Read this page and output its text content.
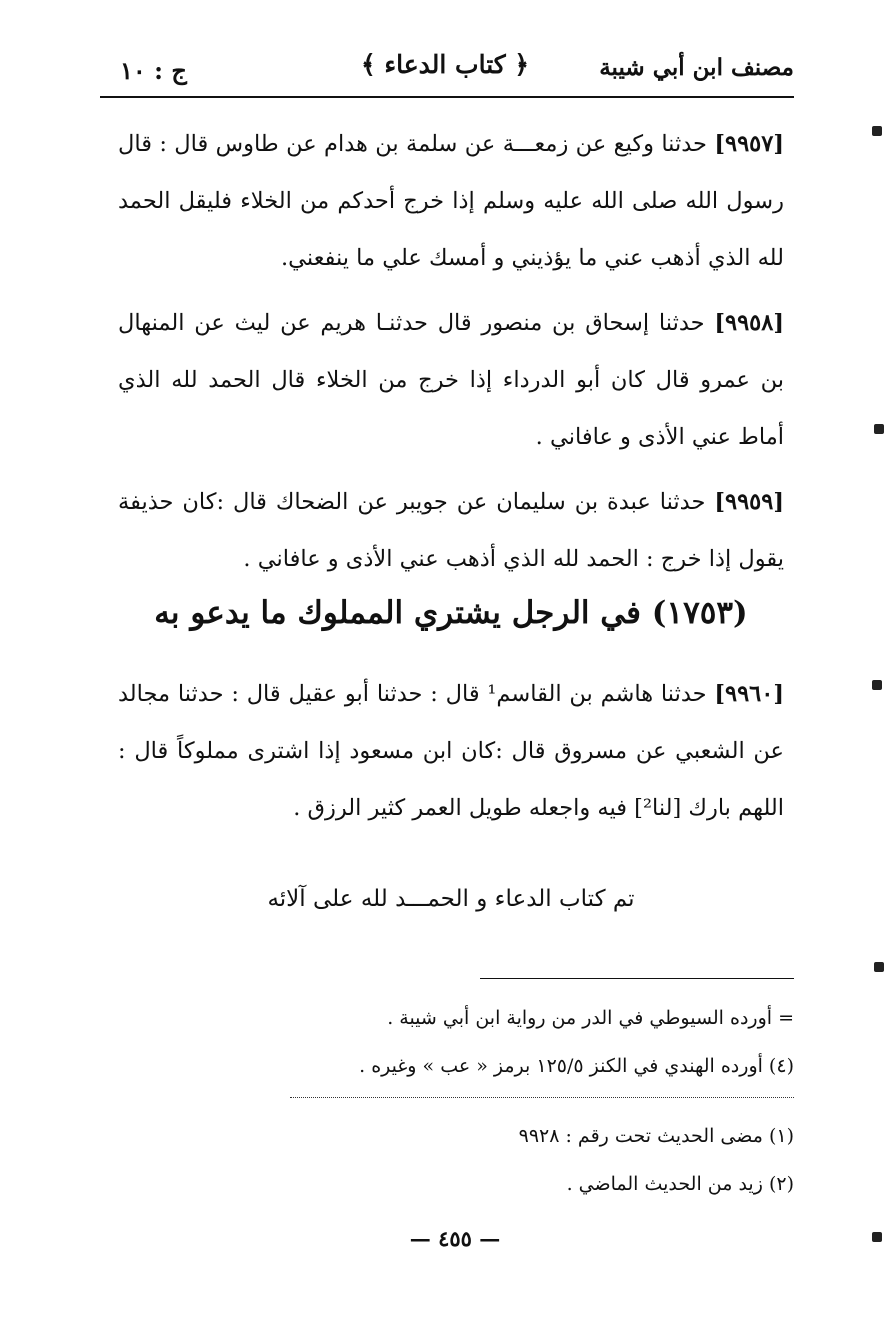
مصنف ابن أبي شيبة
﴿ كتاب الدعاء ﴾
ج : ١٠

[٩٩٥٧] حدثنا وكيع عن زمعـــة عن سلمة بن هدام عن طاوس قال : قال رسول الله صلى الله عليه وسلم إذا خرج أحدكم من الخلاء فليقل الحمد لله الذي أذهب عني ما يؤذيني و أمسك علي ما ينفعني.

[٩٩٥٨] حدثنا إسحاق بن منصور قال حدثنـا هريم عن ليث عن المنهال بن عمرو قال كان أبو الدرداء إذا خرج من الخلاء قال الحمد لله الذي أماط عني الأذى و عافاني .

[٩٩٥٩] حدثنا عبدة بن سليمان عن جويبر عن الضحاك قال :كان حذيفة يقول إذا خرج : الحمد لله الذي أذهب عني الأذى و عافاني .

(١٧٥٣) في الرجل يشتري المملوك ما يدعو به

[٩٩٦٠] حدثنا هاشم بن القاسم¹ قال : حدثنا أبو عقيل قال : حدثنا مجالد عن الشعبي عن مسروق قال :كان ابن مسعود إذا اشترى مملوكاً قال : اللهم بارك [لنا²] فيه واجعله طويل العمر كثير الرزق .

تم كتاب الدعاء و الحمـــد لله على آلائه
= أورده السيوطي في الدر من رواية ابن أبي شيبة .
(٤) أورده الهندي في الكنز ١٢٥/٥ برمز « عب » وغيره .
(١) مضى الحديث تحت رقم : ٩٩٢٨
(٢) زيد من الحديث الماضي .
— ٤٥٥ —
